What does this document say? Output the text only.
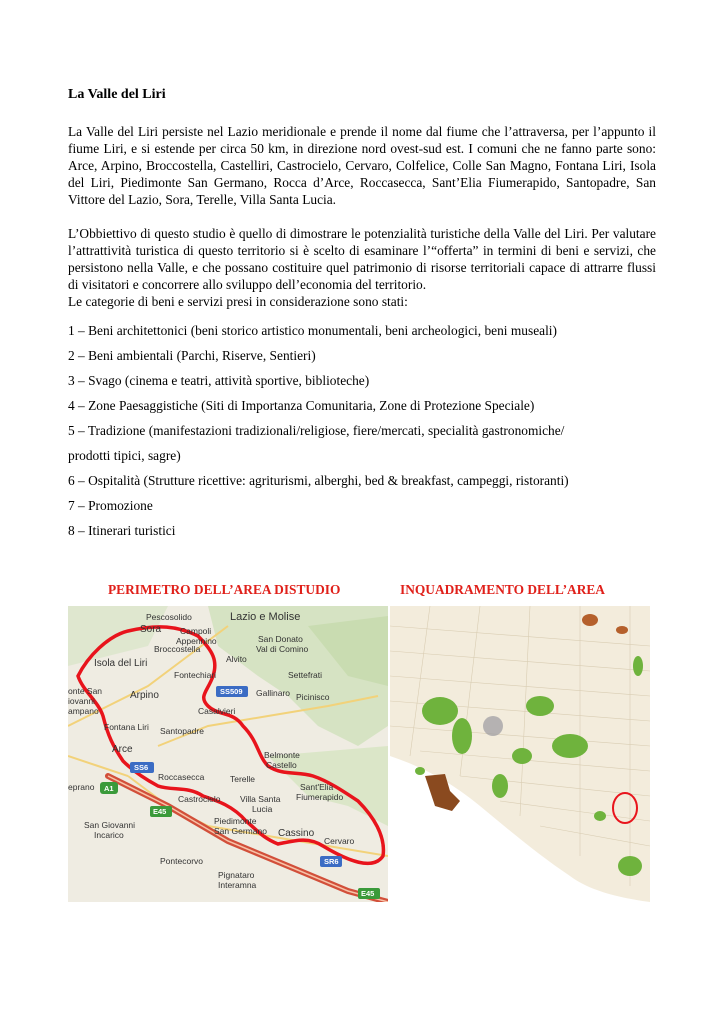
La Valle del Liri

La Valle del Liri persiste nel Lazio meridionale e prende il nome dal fiume che l’attraversa, per l’appunto il fiume Liri, e si estende per circa 50 km, in direzione nord ovest-sud est. I comuni che ne fanno parte sono: Arce, Arpino, Broccostella, Castelliri, Castrocielo, Cervaro, Colfelice, Colle San Magno, Fontana Liri, Isola del Liri, Piedimonte San Germano, Rocca d’Arce, Roccasecca, Sant’Elia Fiumerapido, Santopadre, San Vittore del Lazio, Sora, Terelle, Villa Santa Lucia.

L’Obbiettivo di questo studio è quello di dimostrare le potenzialità turistiche della Valle del Liri. Per valutare l’attrattività turistica di questo territorio si è scelto di esaminare l’“offerta” in termini di beni e servizi, che persistono nella Valle, e che possano costituire quel patrimonio di risorse territoriali capace di attrarre flussi di visitatori e concorrere allo sviluppo dell’economia del territorio.

Le categorie di beni e servizi presi in considerazione sono stati:

1 – Beni architettonici (beni storico artistico monumentali, beni archeologici, beni museali)
2 – Beni ambientali (Parchi, Riserve, Sentieri)
3 – Svago (cinema e teatri, attività sportive, biblioteche)
4 – Zone Paesaggistiche (Siti di Importanza Comunitaria, Zone di Protezione Speciale)
5 – Tradizione (manifestazioni tradizionali/religiose, fiere/mercati, specialità gastronomiche/
prodotti tipici, sagre)
6 – Ospitalità (Strutture ricettive: agriturismi, alberghi, bed & breakfast, campeggi, ristoranti)
7 – Promozione
8 – Itinerari turistici
PERIMETRO DELL’AREA DISTUDIO	INQUADRAMENTO DELL’AREA
Pescosolido	Lazio e Molise
Campoli
Appennino
Sora
San Donato
Val di Comino
Broccostella
Alvito
Isola del Liri
Settefrati
Fontechiari
onte San
iovanni
ampano
Arpino	Gallinaro Picinisco
Casalvieri
Fontana Liri Santopadre
Arce	Belmonte
Castello
Roccasecca	Terelle
Sant'Elia
Fiumerapido
eprano
Castrocielo Villa Santa
Lucia
San Giovanni
Incarico
Piedimonte
San Germano Cassino
Cervaro
Pontecorvo
Pignataro
Interamna
SS509
SS6
A1
E45
SR6
E45
